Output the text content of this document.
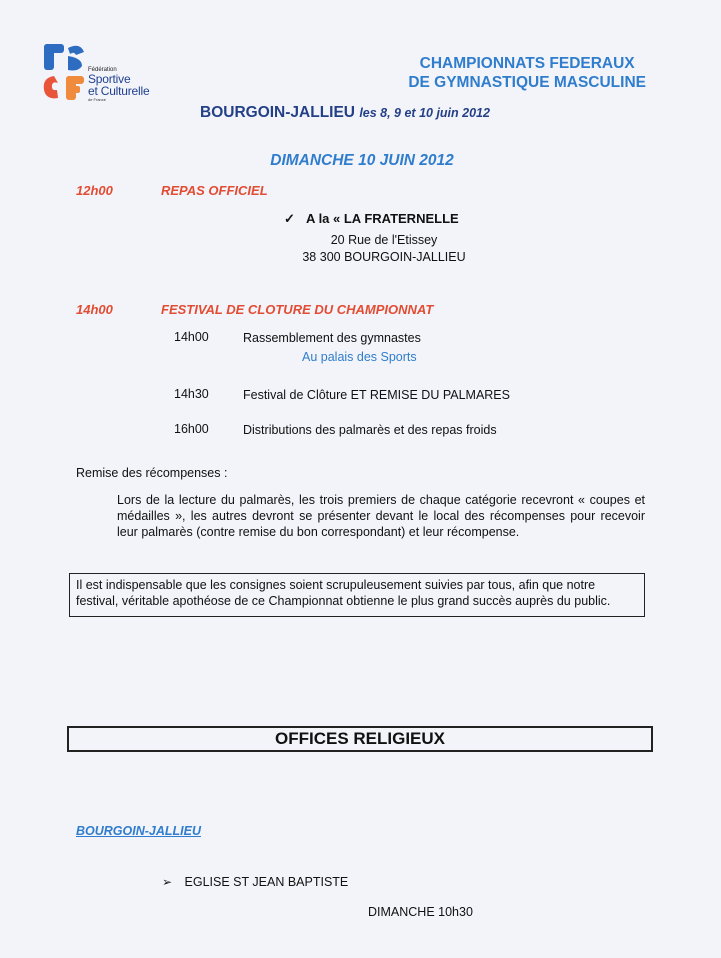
Fédération
Sportive
et Culturelle
de France
CHAMPIONNATS FEDERAUX
DE GYMNASTIQUE MASCULINE
BOURGOIN-JALLIEU les 8, 9 et 10 juin 2012
DIMANCHE 10 JUIN 2012
12h00	REPAS OFFICIEL
✓ A la « LA FRATERNELLE
20 Rue de l'Etissey
38 300 BOURGOIN-JALLIEU
14h00	FESTIVAL DE CLOTURE DU CHAMPIONNAT
14h00	Rassemblement des gymnastes
Au palais des Sports
14h30	Festival de Clôture ET REMISE DU PALMARES
16h00	Distributions des palmarès et des repas froids
Remise des récompenses :
Lors de la lecture du palmarès, les trois premiers de chaque catégorie recevront « coupes et médailles », les autres devront se présenter devant le local des récompenses pour recevoir leur palmarès (contre remise du bon correspondant) et leur récompense.
Il est indispensable que les consignes soient scrupuleusement suivies par tous, afin que notre festival, véritable apothéose de ce Championnat obtienne le plus grand succès auprès du public.
OFFICES RELIGIEUX
BOURGOIN-JALLIEU
➢ EGLISE ST JEAN BAPTISTE
DIMANCHE 10h30
